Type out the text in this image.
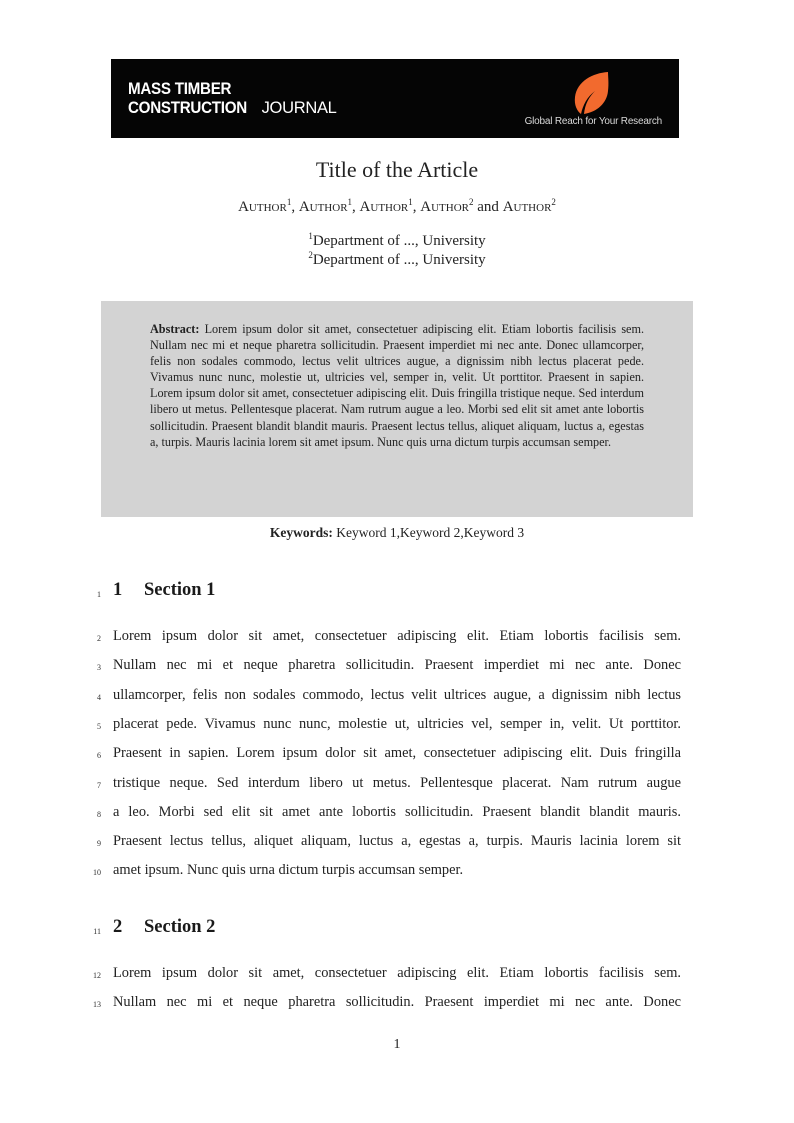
MASS TIMBER
CONSTRUCTION JOURNAL
Global Reach for Your Research
Title of the Article
Author$^1$, Author$^1$, Author$^1$, Author$^2$ and Author$^2$
$^1$Department of ..., University
$^2$Department of ..., University
Abstract: Lorem ipsum dolor sit amet, consectetuer adipiscing elit. Etiam lobortis facilisis sem. Nullam nec mi et neque pharetra sollicitudin. Praesent imperdiet mi nec ante. Donec ullamcorper, felis non sodales commodo, lectus velit ultrices augue, a dignissim nibh lectus placerat pede. Vivamus nunc nunc, molestie ut, ultricies vel, semper in, velit. Ut porttitor. Praesent in sapien. Lorem ipsum dolor sit amet, consectetuer adipiscing elit. Duis fringilla tristique neque. Sed interdum libero ut metus. Pellentesque placerat. Nam rutrum augue a leo. Morbi sed elit sit amet ante lobortis sollicitudin. Praesent blandit blandit mauris. Praesent lectus tellus, aliquet aliquam, luctus a, egestas a, turpis. Mauris lacinia lorem sit amet ipsum. Nunc quis urna dictum turpis accumsan semper.
Keywords: Keyword 1,Keyword 2,Keyword 3
1 1 Section 1
2 Lorem ipsum dolor sit amet, consectetuer adipiscing elit. Etiam lobortis facilisis sem.
3 Nullam nec mi et neque pharetra sollicitudin. Praesent imperdiet mi nec ante. Donec
4 ullamcorper, felis non sodales commodo, lectus velit ultrices augue, a dignissim nibh lectus
5 placerat pede. Vivamus nunc nunc, molestie ut, ultricies vel, semper in, velit. Ut porttitor.
6 Praesent in sapien. Lorem ipsum dolor sit amet, consectetuer adipiscing elit. Duis fringilla
7 tristique neque. Sed interdum libero ut metus. Pellentesque placerat. Nam rutrum augue
8 a leo. Morbi sed elit sit amet ante lobortis sollicitudin. Praesent blandit blandit mauris.
9 Praesent lectus tellus, aliquet aliquam, luctus a, egestas a, turpis. Mauris lacinia lorem sit
10 amet ipsum. Nunc quis urna dictum turpis accumsan semper.
11 2 Section 2
12 Lorem ipsum dolor sit amet, consectetuer adipiscing elit. Etiam lobortis facilisis sem.
13 Nullam nec mi et neque pharetra sollicitudin. Praesent imperdiet mi nec ante. Donec
1
